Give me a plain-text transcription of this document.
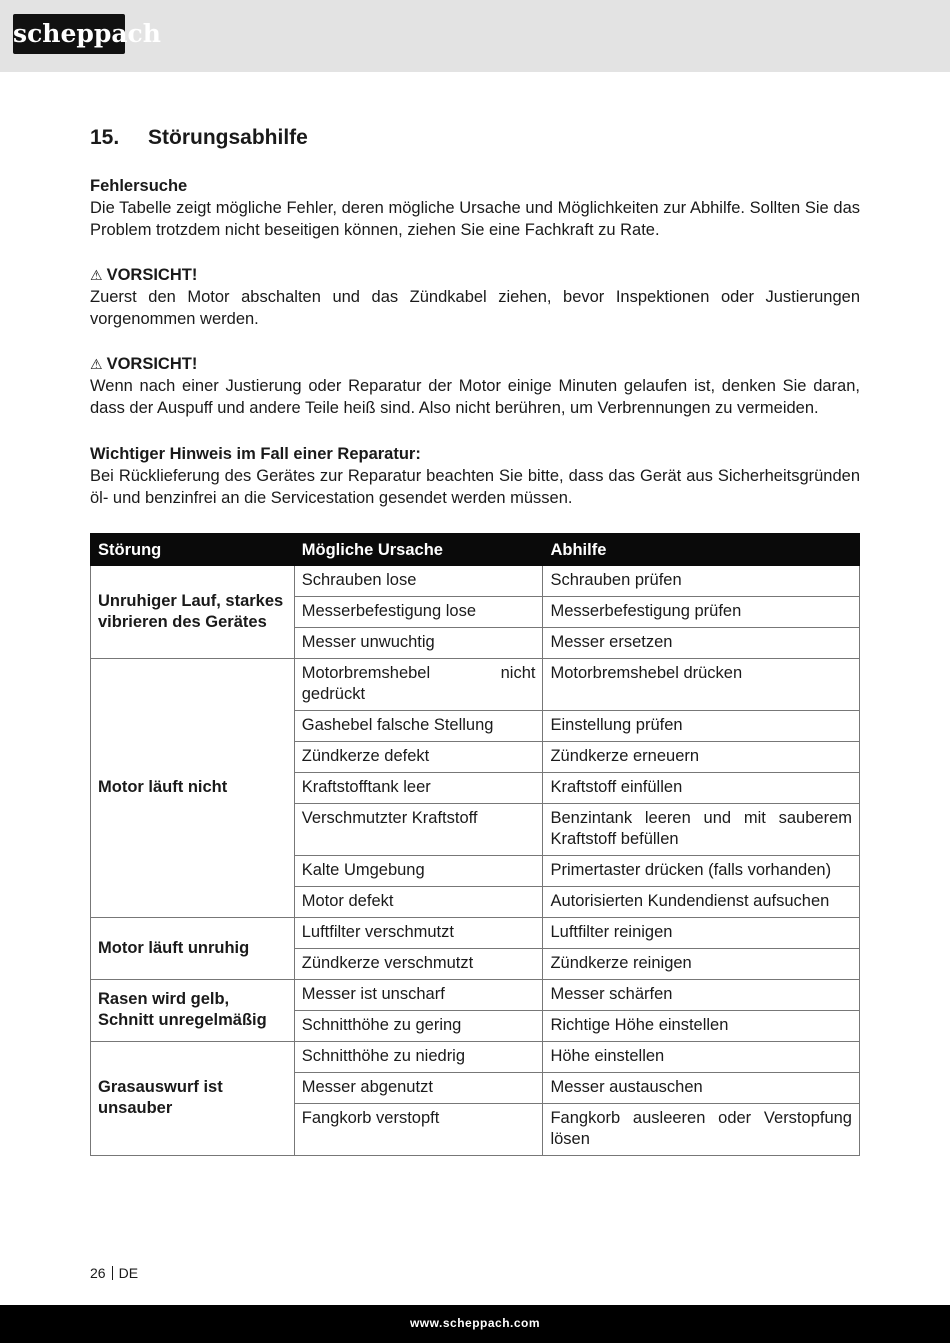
scheppach
15. Störungsabhilfe

Fehlersuche

Die Tabelle zeigt mögliche Fehler, deren mögliche Ursache und Möglichkeiten zur Abhilfe. Sollten Sie das Problem trotzdem nicht beseitigen können, ziehen Sie eine Fachkraft zu Rate.

⚠ VORSICHT!

Zuerst den Motor abschalten und das Zündkabel ziehen, bevor Inspektionen oder Justierungen vorgenommen werden.

⚠ VORSICHT!

Wenn nach einer Justierung oder Reparatur der Motor einige Minuten gelaufen ist, denken Sie daran, dass der Auspuff und andere Teile heiß sind. Also nicht berühren, um Verbrennungen zu vermeiden.

Wichtiger Hinweis im Fall einer Reparatur:

Bei Rücklieferung des Gerätes zur Reparatur beachten Sie bitte, dass das Gerät aus Sicherheitsgründen öl- und benzinfrei an die Servicestation gesendet werden müssen.

Störung	Mögliche Ursache	Abhilfe
Unruhiger Lauf, starkes vibrieren des Gerätes	Schrauben lose	Schrauben prüfen
	Messerbefestigung lose	Messerbefestigung prüfen
	Messer unwuchtig	Messer ersetzen
Motor läuft nicht	Motorbremshebel nicht gedrückt	Motorbremshebel drücken
	Gashebel falsche Stellung	Einstellung prüfen
	Zündkerze defekt	Zündkerze erneuern
	Kraftstofftank leer	Kraftstoff einfüllen
	Verschmutzter Kraftstoff	Benzintank leeren und mit sauberem Kraftstoff befüllen
	Kalte Umgebung	Primertaster drücken (falls vorhanden)
	Motor defekt	Autorisierten Kundendienst aufsuchen
Motor läuft unruhig	Luftfilter verschmutzt	Luftfilter reinigen
	Zündkerze verschmutzt	Zündkerze reinigen
Rasen wird gelb, Schnitt unregelmäßig	Messer ist unscharf	Messer schärfen
	Schnitthöhe zu gering	Richtige Höhe einstellen
Grasauswurf ist unsauber	Schnitthöhe zu niedrig	Höhe einstellen
	Messer abgenutzt	Messer austauschen
	Fangkorb verstopft	Fangkorb ausleeren oder Verstopfung lösen
26 DE
www.scheppach.com
